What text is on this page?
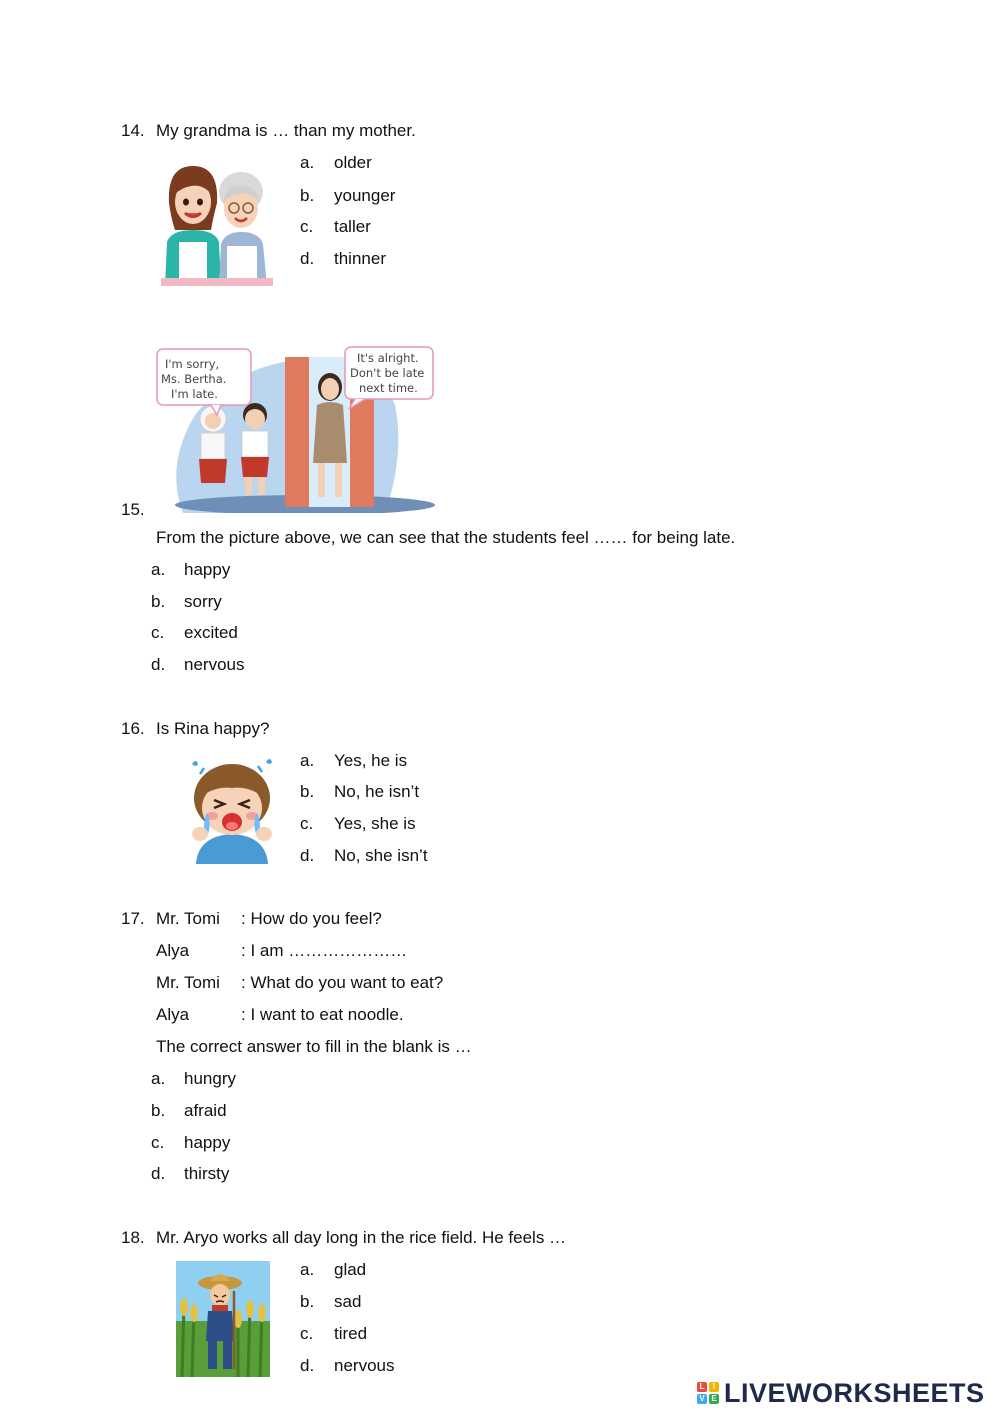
14. My grandma is … than my mother.
a. older
b. younger
c. taller
d. thinner
I'm sorry,
Ms. Bertha.
I'm late.
It's alright.
Don't be late
next time.
15.
From the picture above, we can see that the students feel …… for being late.
a. happy
b. sorry
c. excited
d. nervous
16. Is Rina happy?
a. Yes, he is
b. No, he isn’t
c. Yes, she is
d. No, she isn’t
17. Mr. Tomi : How do you feel?
Alya	: I am …………………
Mr. Tomi : What do you want to eat?
Alya	: I want to eat noodle.
The correct answer to fill in the blank is …
a. hungry
b. afraid
c. happy
d. thirsty
18. Mr. Aryo works all day long in the rice field. He feels …
a. glad
b. sad
c. tired
d. nervous
L	I
V E LIVEWORKSHEETS
